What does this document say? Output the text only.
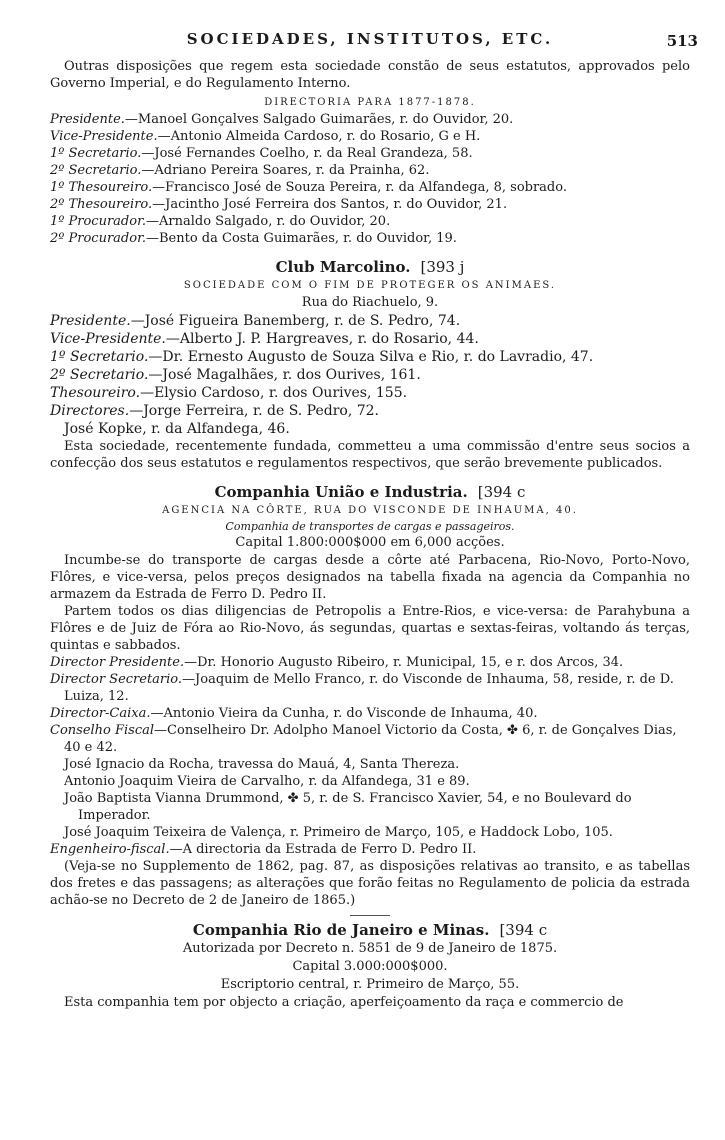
SOCIEDADES, INSTITUTOS, ETC.	513

Outras disposições que regem esta sociedade constão de seus estatutos, approvados pelo Governo Imperial, e do Regulamento Interno.

DIRECTORIA PARA 1877-1878.

Presidente.—Manoel Gonçalves Salgado Guimarães, r. do Ouvidor, 20.
Vice-Presidente.—Antonio Almeida Cardoso, r. do Rosario, G e H.
1º Secretario.—José Fernandes Coelho, r. da Real Grandeza, 58.
2º Secretario.—Adriano Pereira Soares, r. da Prainha, 62.
1º Thesoureiro.—Francisco José de Souza Pereira, r. da Alfandega, 8, sobrado.
2º Thesoureiro.—Jacintho José Ferreira dos Santos, r. do Ouvidor, 21.
1º Procurador.—Arnaldo Salgado, r. do Ouvidor, 20.
2º Procurador.—Bento da Costa Guimarães, r. do Ouvidor, 19.
Club Marcolino. [393 j

SOCIEDADE COM O FIM DE PROTEGER OS ANIMAES.

Rua do Riachuelo, 9.

Presidente.—José Figueira Banemberg, r. de S. Pedro, 74.
Vice-Presidente.—Alberto J. P. Hargreaves, r. do Rosario, 44.
1º Secretario.—Dr. Ernesto Augusto de Souza Silva e Rio, r. do Lavradio, 47.
2º Secretario.—José Magalhães, r. dos Ourives, 161.
Thesoureiro.—Elysio Cardoso, r. dos Ourives, 155.
Directores.—Jorge Ferreira, r. de S. Pedro, 72.
José Kopke, r. da Alfandega, 46.

Esta sociedade, recentemente fundada, commetteu a uma commissão d'entre seus socios a confecção dos seus estatutos e regulamentos respectivos, que serão brevemente publicados.

Companhia União e Industria. [394 c

AGENCIA NA CÔRTE, RUA DO VISCONDE DE INHAUMA, 40.

Companhia de transportes de cargas e passageiros.

Capital 1.800:000$000 em 6,000 acções.

Incumbe-se do transporte de cargas desde a côrte até Parbacena, Rio-Novo, Porto-Novo, Flôres, e vice-versa, pelos preços designados na tabella fixada na agencia da Companhia no armazem da Estrada de Ferro D. Pedro II.

Partem todos os dias diligencias de Petropolis a Entre-Rios, e vice-versa: de Parahybuna a Flôres e de Juiz de Fóra ao Rio-Novo, ás segundas, quartas e sextas-feiras, voltando ás terças, quintas e sabbados.

Director Presidente.—Dr. Honorio Augusto Ribeiro, r. Municipal, 15, e r. dos Arcos, 34.
Director Secretario.—Joaquim de Mello Franco, r. do Visconde de Inhauma, 58, reside, r. de D. Luiza, 12.
Director-Caixa.—Antonio Vieira da Cunha, r. do Visconde de Inhauma, 40.
Conselho Fiscal—Conselheiro Dr. Adolpho Manoel Victorio da Costa, ✤ 6, r. de Gonçalves Dias, 40 e 42.
José Ignacio da Rocha, travessa do Mauá, 4, Santa Thereza.
Antonio Joaquim Vieira de Carvalho, r. da Alfandega, 31 e 89.
João Baptista Vianna Drummond, ✤ 5, r. de S. Francisco Xavier, 54, e no Boulevard do Imperador.
José Joaquim Teixeira de Valença, r. Primeiro de Março, 105, e Haddock Lobo, 105.
Engenheiro-fiscal.—A directoria da Estrada de Ferro D. Pedro II.

(Veja-se no Supplemento de 1862, pag. 87, as disposições relativas ao transito, e as tabellas dos fretes e das passagens; as alterações que forão feitas no Regulamento de policia da estrada achão-se no Decreto de 2 de Janeiro de 1865.)

Companhia Rio de Janeiro e Minas. [394 c

Autorizada por Decreto n. 5851 de 9 de Janeiro de 1875.

Capital 3.000:000$000.

Escriptorio central, r. Primeiro de Março, 55.

Esta companhia tem por objecto a criação, aperfeiçoamento da raça e commercio de
